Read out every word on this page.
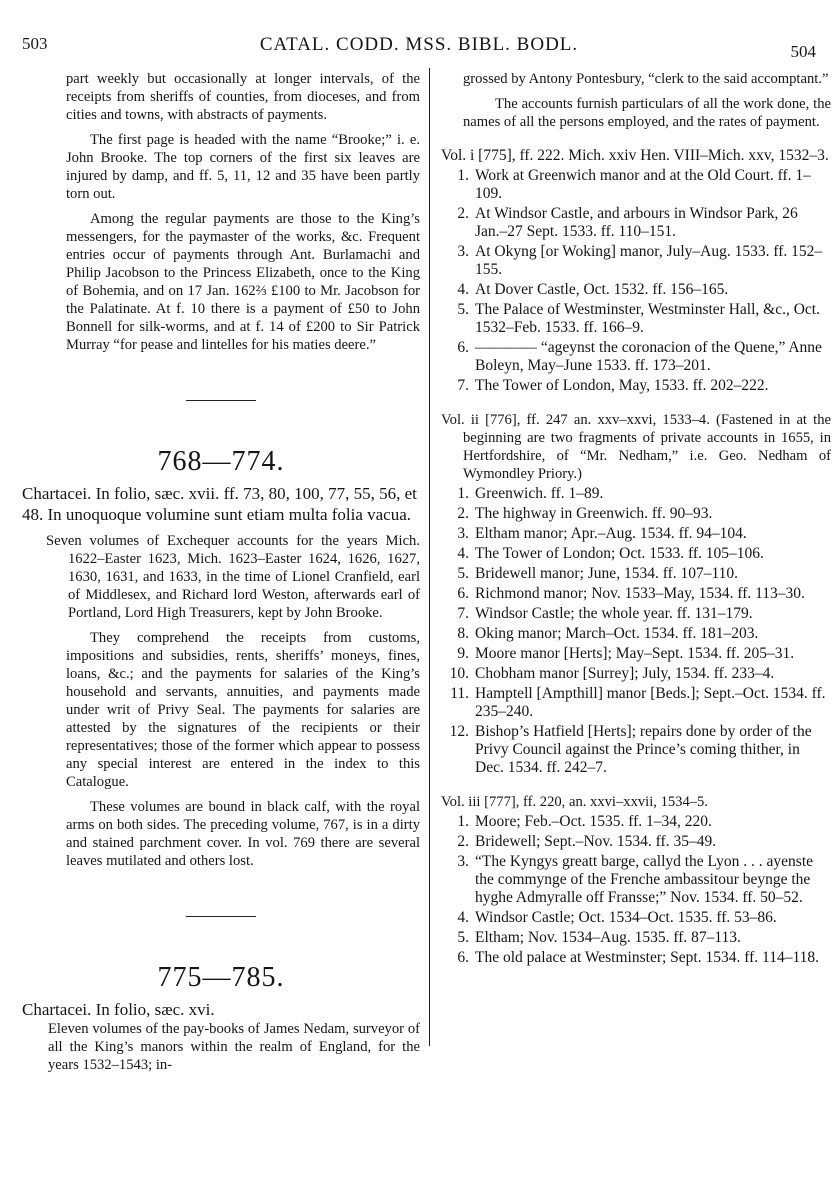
503	CATAL. CODD. MSS. BIBL. BODL.	504

part weekly but occasionally at longer intervals, of the receipts from sheriffs of counties, from dioceses, and from cities and towns, with abstracts of payments.

The first page is headed with the name “Brooke;” i. e. John Brooke. The top corners of the first six leaves are injured by damp, and ff. 5, 11, 12 and 35 have been partly torn out.

Among the regular payments are those to the King’s messengers, for the paymaster of the works, &c. Frequent entries occur of payments through Ant. Burlamachi and Philip Jacobson to the Princess Elizabeth, once to the King of Bohemia, and on 17 Jan. 162⅔ £100 to Mr. Jacobson for the Palatinate. At f. 10 there is a payment of £50 to John Bonnell for silk-worms, and at f. 14 of £200 to Sir Patrick Murray “for pease and lintelles for his maties deere.”

768—774.

Chartacei. In folio, sæc. xvii. ff. 73, 80, 100, 77, 55, 56, et 48. In unoquoque volumine sunt etiam multa folia vacua.

Seven volumes of Exchequer accounts for the years Mich. 1622–Easter 1623, Mich. 1623–Easter 1624, 1626, 1627, 1630, 1631, and 1633, in the time of Lionel Cranfield, earl of Middlesex, and Richard lord Weston, afterwards earl of Portland, Lord High Treasurers, kept by John Brooke.

They comprehend the receipts from customs, impositions and subsidies, rents, sheriffs’ moneys, fines, loans, &c.; and the payments for salaries of the King’s household and servants, annuities, and payments made under writ of Privy Seal. The payments for salaries are attested by the signatures of the recipients or their representatives; those of the former which appear to possess any special interest are entered in the index to this Catalogue.

These volumes are bound in black calf, with the royal arms on both sides. The preceding volume, 767, is in a dirty and stained parchment cover. In vol. 769 there are several leaves mutilated and others lost.

775—785.

Chartacei. In folio, sæc. xvi.

Eleven volumes of the pay-books of James Nedam, surveyor of all the King’s manors within the realm of England, for the years 1532–1543; in-

grossed by Antony Pontesbury, “clerk to the said accomptant.”

The accounts furnish particulars of all the work done, the names of all the persons employed, and the rates of payment.

Vol. i [775], ff. 222. Mich. xxiv Hen. VIII–Mich. xxv, 1532–3.

1. Work at Greenwich manor and at the Old Court. ff. 1–109.
2. At Windsor Castle, and arbours in Windsor Park, 26 Jan.–27 Sept. 1533. ff. 110–151.
3. At Okyng [or Woking] manor, July–Aug. 1533. ff. 152–155.
4. At Dover Castle, Oct. 1532. ff. 156–165.
5. The Palace of Westminster, Westminster Hall, &c., Oct. 1532–Feb. 1533. ff. 166–9.
6. ———— “ageynst the coronacion of the Quene,” Anne Boleyn, May–June 1533. ff. 173–201.
7. The Tower of London, May, 1533. ff. 202–222.

Vol. ii [776], ff. 247 an. xxv–xxvi, 1533–4. (Fastened in at the beginning are two fragments of private accounts in 1655, in Hertfordshire, of “Mr. Nedham,” i.e. Geo. Nedham of Wymondley Priory.)

1. Greenwich. ff. 1–89.
2. The highway in Greenwich. ff. 90–93.
3. Eltham manor; Apr.–Aug. 1534. ff. 94–104.
4. The Tower of London; Oct. 1533. ff. 105–106.
5. Bridewell manor; June, 1534. ff. 107–110.
6. Richmond manor; Nov. 1533–May, 1534. ff. 113–30.
7. Windsor Castle; the whole year. ff. 131–179.
8. Oking manor; March–Oct. 1534. ff. 181–203.
9. Moore manor [Herts]; May–Sept. 1534. ff. 205–31.
10. Chobham manor [Surrey]; July, 1534. ff. 233–4.
11. Hamptell [Ampthill] manor [Beds.]; Sept.–Oct. 1534. ff. 235–240.
12. Bishop’s Hatfield [Herts]; repairs done by order of the Privy Council against the Prince’s coming thither, in Dec. 1534. ff. 242–7.

Vol. iii [777], ff. 220, an. xxvi–xxvii, 1534–5.

1. Moore; Feb.–Oct. 1535. ff. 1–34, 220.
2. Bridewell; Sept.–Nov. 1534. ff. 35–49.
3. “The Kyngys greatt barge, callyd the Lyon . . . ayenste the commynge of the Frenche ambassitour beynge the hyghe Admyralle off Fransse;” Nov. 1534. ff. 50–52.
4. Windsor Castle; Oct. 1534–Oct. 1535. ff. 53–86.
5. Eltham; Nov. 1534–Aug. 1535. ff. 87–113.
6. The old palace at Westminster; Sept. 1534. ff. 114–118.
